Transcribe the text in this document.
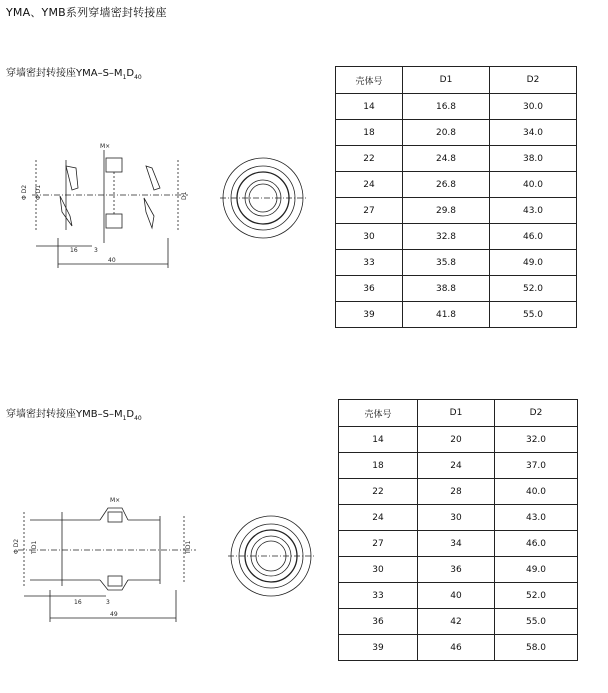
YMA、YMB系列穿墙密封转接座
穿墙密封转接座YMA–$S-M_1D_{40}$
M×
Φ D2 Φ D1	D1
16	3
40
壳体号	D1	D2
14	16.8	30.0
18	20.8	34.0
22	24.8	38.0
24	26.8	40.0
27	29.8	43.0
30	32.8	46.0
33	35.8	49.0
36	38.8	52.0
39	41.8	55.0
穿墙密封转接座YMB–$S-M_1D_{40}$
M×
Φ D2 T.D1	T.D1
16	3
49
壳体号	D1	D2
14	20	32.0
18	24	37.0
22	28	40.0
24	30	43.0
27	34	46.0
30	36	49.0
33	40	52.0
36	42	55.0
39	46	58.0
